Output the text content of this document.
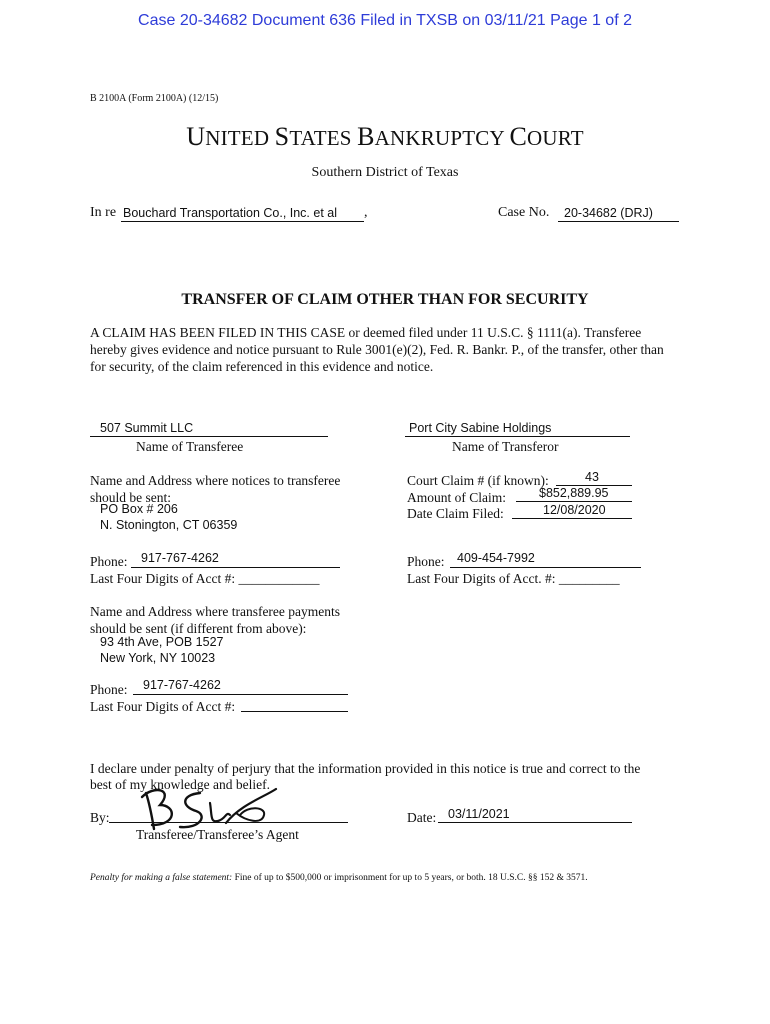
Case 20-34682 Document 636 Filed in TXSB on 03/11/21 Page 1 of 2
B 2100A (Form 2100A) (12/15)
UNITED STATES BANKRUPTCY COURT
Southern District of Texas
In re Bouchard Transportation Co., Inc. et al ,	Case No. 20-34682 (DRJ)
TRANSFER OF CLAIM OTHER THAN FOR SECURITY
A CLAIM HAS BEEN FILED IN THIS CASE or deemed filed under 11 U.S.C. § 1111(a). Transferee hereby gives evidence and notice pursuant to Rule 3001(e)(2), Fed. R. Bankr. P., of the transfer, other than for security, of the claim referenced in this evidence and notice.
507 Summit LLC
Name of Transferee
Port City Sabine Holdings
Name of Transferor
Name and Address where notices to transferee
should be sent:
PO Box # 206
N. Stonington, CT 06359
Court Claim # (if known):	43
Amount of Claim:	$852,889.95
Date Claim Filed:	12/08/2020
Phone: 917-767-4262
Last Four Digits of Acct #: ____________
Phone: 409-454-7992
Last Four Digits of Acct. #: _________
Name and Address where transferee payments
should be sent (if different from above):
93 4th Ave, POB 1527
New York, NY 10023
Phone: 917-767-4262
Last Four Digits of Acct #:
I declare under penalty of perjury that the information provided in this notice is true and correct to the
best of my knowledge and belief.
By:
Transferee/Transferee’s Agent
Date: 03/11/2021
Penalty for making a false statement: Fine of up to $500,000 or imprisonment for up to 5 years, or both. 18 U.S.C. §§ 152 & 3571.
